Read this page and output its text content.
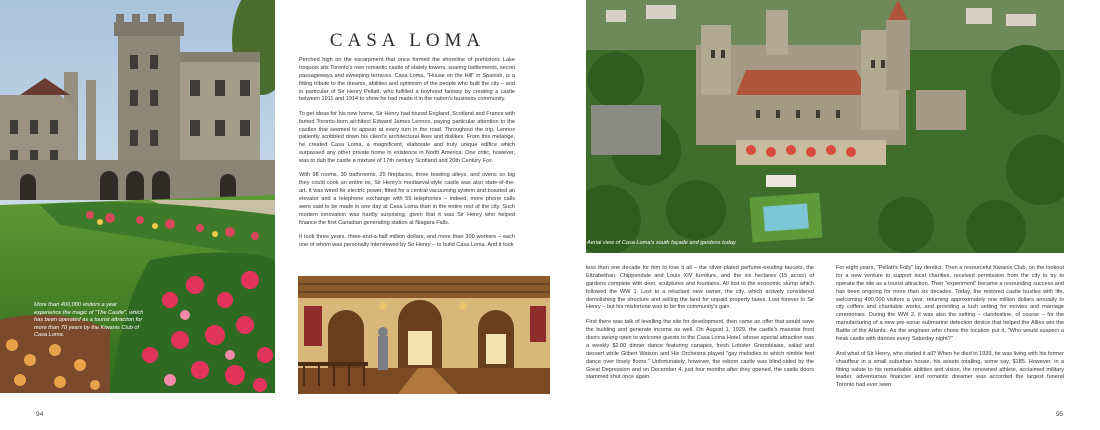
More than 400,000 visitors a year experience the magic of "The Castle", which has been operated as a tourist attraction for more than 70 years by the Kiwanis Club of Casa Loma.
CASA LOMA

Perched high on the escarpment that once formed the shoreline of prehistoric Lake Iroquois sits Toronto's own romantic castle of stately towers, soaring battlements, secret passageways and sweeping terraces. Casa Loma, "House on the Hill" in Spanish, is a fitting tribute to the dreams, abilities and optimism of the people who built the city – and in particular of Sir Henry Pellatt, who fulfilled a boyhood fantasy by creating a castle between 1911 and 1914 to show he had made it in the nation's business community.

To get ideas for his new home, Sir Henry had toured England, Scotland and France with famed Toronto-born architect Edward James Lennox, paying particular attention to the castles that seemed to appear at every turn in the road. Throughout the trip, Lennox patiently scribbled down his client's architectural likes and dislikes. From this melange, he created Casa Loma, a magnificent, elaborate and truly unique edifice which surpassed any other private home in existence in North America. One critic, however, was to dub the castle a mixture of 17th century Scotland and 20th Century Fox.

With 98 rooms, 30 bathrooms, 25 fireplaces, three bowling alleys, and ovens so big they could cook an entire ox, Sir Henry's mediaeval-style castle was also state-of-the-art. It was wired for electric power, fitted for a central vacuuming system and boasted an elevator and a telephone exchange with 59 telephones – indeed, more phone calls were said to be made in one day at Casa Loma than in the entire rest of the city. Such modern innovation was hardly surprising, given that it was Sir Henry who helped finance the first Canadian generating station at Niagara Falls.

It took three years, three-and-a-half million dollars, and more than 300 workers – each one of whom was personally interviewed by Sir Henry – to build Casa Loma. And it took	Aerial view of Casa Loma's south façade and gardens today.

less than one decade for him to lose it all – the silver-plated perfume-exuding faucets, the Elizabethan, Chippendale and Louis XIV furniture, and the six hectares (15 acres) of gardens complete with deer, sculptures and fountains. All lost to the economic slump which followed the WW 1. Lost to a reluctant new owner, the city, which actively considered demolishing the structure and selling the land for unpaid property taxes. Lost forever to Sir Henry – but his misfortune was to be the community's gain.

First there was talk of levelling the site for development, then came an offer that would save the building and generate income as well. On August 1, 1929, the castle's massive front doors swung open to welcome guests to the Casa Loma Hotel, whose special attraction was a weekly $2.00 dinner dance featuring canapes, fresh Lobster Grenoblaise, salad and dessert while Gilbert Watson and His Orchestra played "gay melodies to which nimble feet dance over lovely floors." Unfortunately, however, the reborn castle was blind-sided by the Great Depression and on December 4, just four months after they opened, the castle doors slammed shut once again.

For eight years, "Pellatt's Folly" lay derelict. Then a resourceful Kiwanis Club, on the lookout for a new venture to support local charities, received permission from the city to try to operate the site as a tourist attraction. Their "experiment" became a resounding success and has been ongoing for more than six decades. Today, the restored castle bustles with life, welcoming 400,000 visitors a year, returning approximately one million dollars annually to city coffers and charitable works, and providing a lush setting for movies and marriage ceremonies. During the WW 2, it was also the setting – clandestine, of course – for the manufacturing of a new pre-sonar submarine detection device that helped the Allies win the Battle of the Atlantic. As the engineer who chose the location put it, "Who would suspect a freak castle with dances every Saturday night?"

And what of Sir Henry, who started it all? When he died in 1939, he was living with his former chauffeur in a small suburban house, his assets totalling, some say, $185. However, in a fitting salute to his remarkable abilities and vision, the renowned athlete, acclaimed military leader, adventurous financier and romantic dreamer was accorded the largest funeral Toronto had ever seen.

94	95
